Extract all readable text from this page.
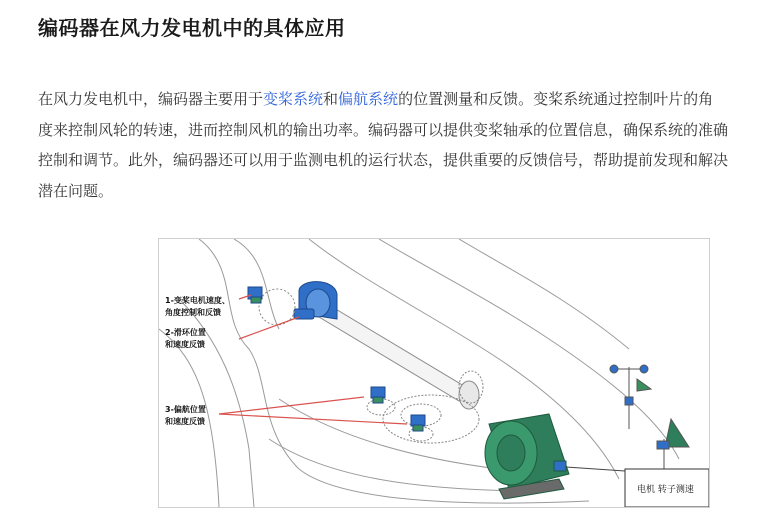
编码器在风力发电机中的具体应用

在风力发电机中，编码器主要用于变桨系统和偏航系统的位置测量和反馈。变桨系统通过控制叶片的角度来控制风轮的转速，进而控制风机的输出功率。编码器可以提供变桨轴承的位置信息，确保系统的准确控制和调节。此外，编码器还可以用于监测电机的运行状态，提供重要的反馈信号，帮助提前发现和解决潜在问题。

1-变桨电机速度、
角度控制和反馈
2-滑环位置
和速度反馈
3-偏航位置
和速度反馈
电机 转子测速
